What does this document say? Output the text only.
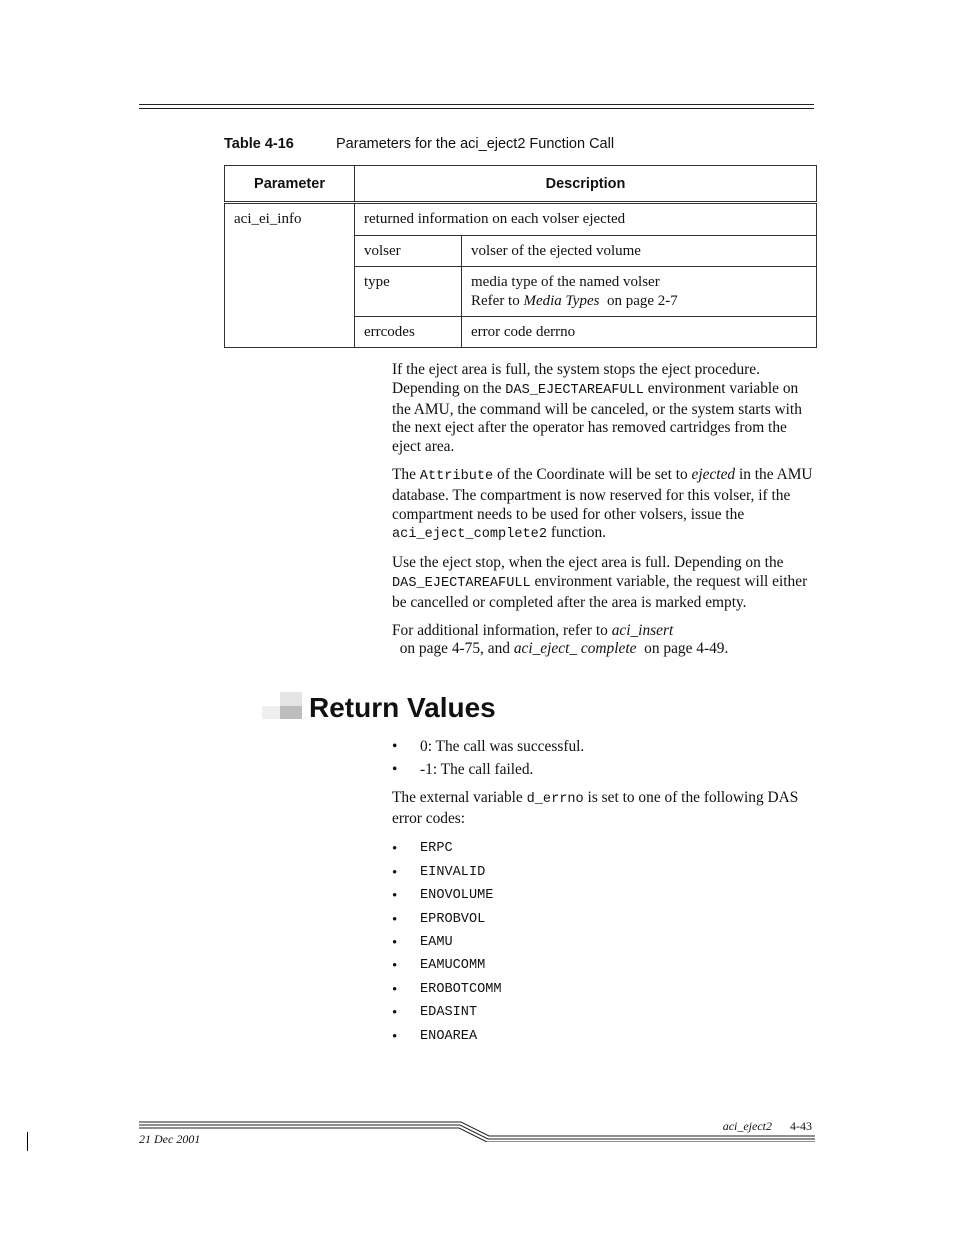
Table 4-16	Parameters for the aci_eject2 Function Call
Parameter	Description	

aci_ei_info	returned information on each volser ejected	

	volser	volser of the ejected volume

	type	media type of the named volser
Refer to Media Types  on page 2-7

	errcodes	error code derrno

If the eject area is full, the system stops the eject procedure. Depending on the DAS_EJECTAREAFULL environment variable on the AMU, the command will be canceled, or the system starts with the next eject after the operator has removed cartridges from the eject area.

The Attribute of the Coordinate will be set to ejected in the AMU database. The compartment is now reserved for this volser, if the compartment needs to be used for other volsers, issue the aci_eject_complete2 function.

Use the eject stop, when the eject area is full. Depending on the DAS_EJECTAREAFULL environment variable, the request will either be cancelled or completed after the area is marked empty.

For additional information, refer to aci_insert  on page 4-75, and aci_eject_ complete  on page 4-49.

Return Values
• 0: The call was successful.
• -1: The call failed.

The external variable d_errno is set to one of the following DAS error codes:

• ERPC
• EINVALID
• ENOVOLUME
• EPROBVOL
• EAMU
• EAMUCOMM
• EROBOTCOMM
• EDASINT
• ENOAREA
aci_eject2 4-43
21 Dec 2001
